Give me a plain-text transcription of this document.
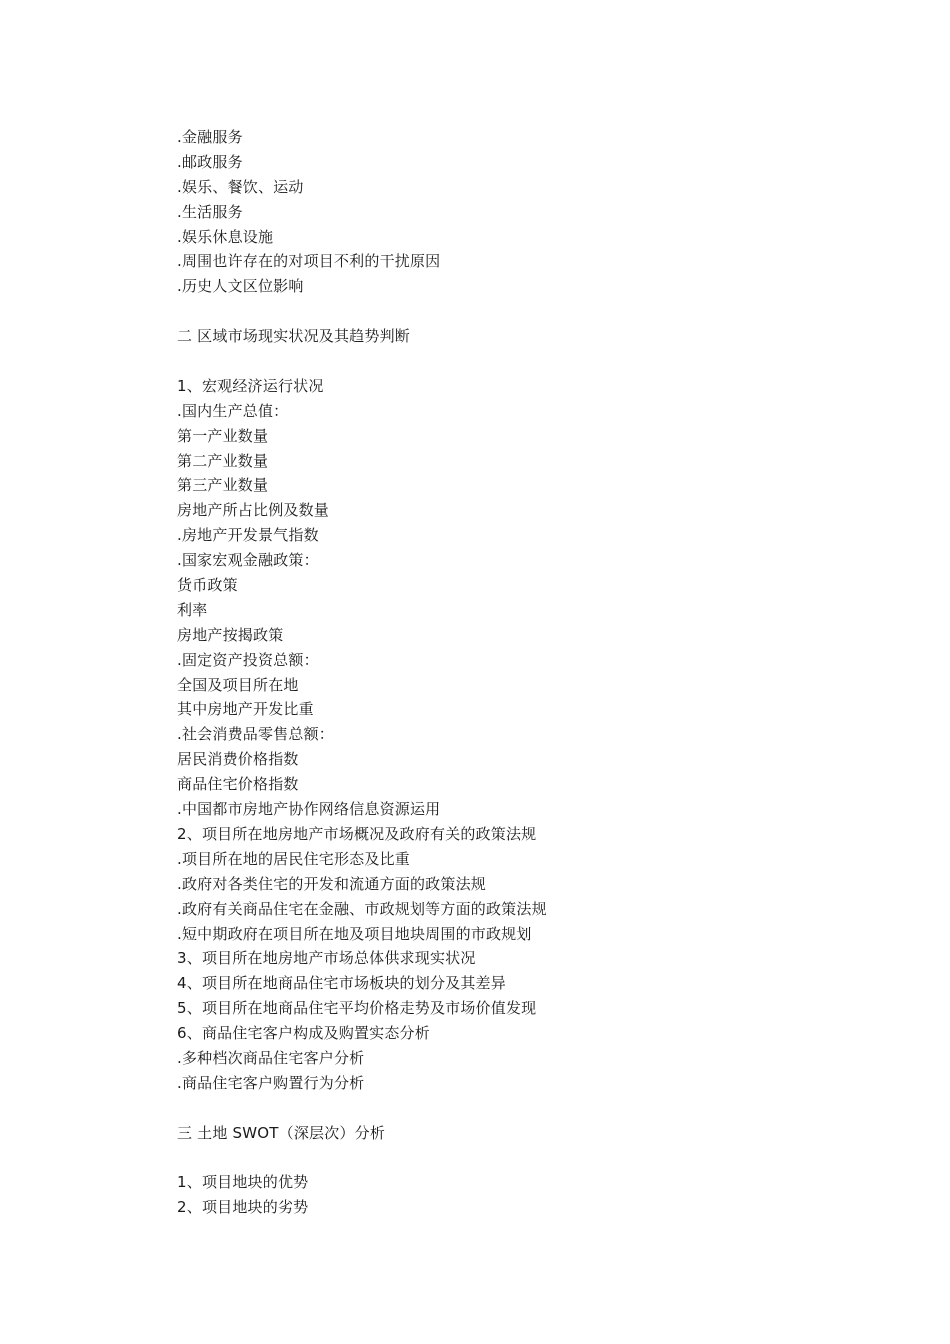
.金融服务
.邮政服务
.娱乐、餐饮、运动
.生活服务
.娱乐休息设施
.周围也许存在的对项目不利的干扰原因
.历史人文区位影响
二 区域市场现实状况及其趋势判断
1、宏观经济运行状况
.国内生产总值：
第一产业数量
第二产业数量
第三产业数量
房地产所占比例及数量
.房地产开发景气指数
.国家宏观金融政策：
货币政策
利率
房地产按揭政策
.固定资产投资总额：
全国及项目所在地
其中房地产开发比重
.社会消费品零售总额：
居民消费价格指数
商品住宅价格指数
.中国都市房地产协作网络信息资源运用
2、项目所在地房地产市场概况及政府有关的政策法规
.项目所在地的居民住宅形态及比重
.政府对各类住宅的开发和流通方面的政策法规
.政府有关商品住宅在金融、市政规划等方面的政策法规
.短中期政府在项目所在地及项目地块周围的市政规划
3、项目所在地房地产市场总体供求现实状况
4、项目所在地商品住宅市场板块的划分及其差异
5、项目所在地商品住宅平均价格走势及市场价值发现
6、商品住宅客户构成及购置实态分析
.多种档次商品住宅客户分析
.商品住宅客户购置行为分析
三 土地 SWOT（深层次）分析
1、项目地块的优势
2、项目地块的劣势
